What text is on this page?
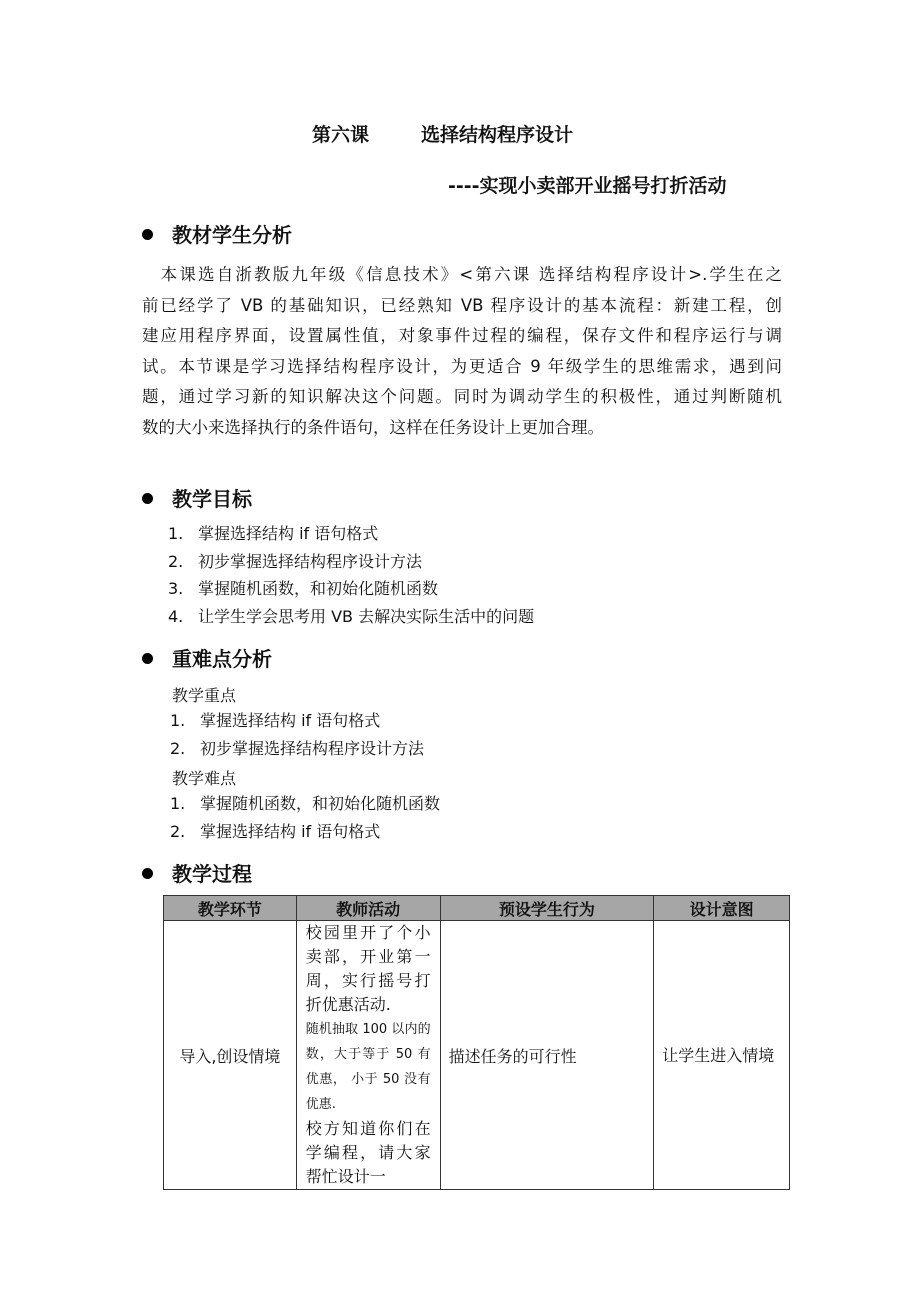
第六课	选择结构程序设计
----实现小卖部开业摇号打折活动
教材学生分析
　本课选自浙教版九年级《信息技术》<第六课 选择结构程序设计>.学生在之
前已经学了 VB 的基础知识，已经熟知 VB 程序设计的基本流程：新建工程，创
建应用程序界面，设置属性值，对象事件过程的编程，保存文件和程序运行与调
试。本节课是学习选择结构程序设计，为更适合 9 年级学生的思维需求，遇到问
题，通过学习新的知识解决这个问题。同时为调动学生的积极性，通过判断随机
数的大小来选择执行的条件语句，这样在任务设计上更加合理。
教学目标
1. 掌握选择结构 if 语句格式
2. 初步掌握选择结构程序设计方法
3. 掌握随机函数，和初始化随机函数
4. 让学生学会思考用 VB 去解决实际生活中的问题
重难点分析
教学重点
1. 掌握选择结构 if 语句格式
2. 初步掌握选择结构程序设计方法
教学难点
1. 掌握随机函数，和初始化随机函数
2. 掌握选择结构 if 语句格式
教学过程
教学环节	教师活动	预设学生行为	设计意图
导入,创设情境	校园里开了个小卖部，开业第一周，实行摇号打折优惠活动.
随机抽取 100 以内的数，大于等于 50 有优惠， 小于 50 没有优惠.
校方知道你们在学编程，请大家帮忙设计一	描述任务的可行性	让学生进入情境
